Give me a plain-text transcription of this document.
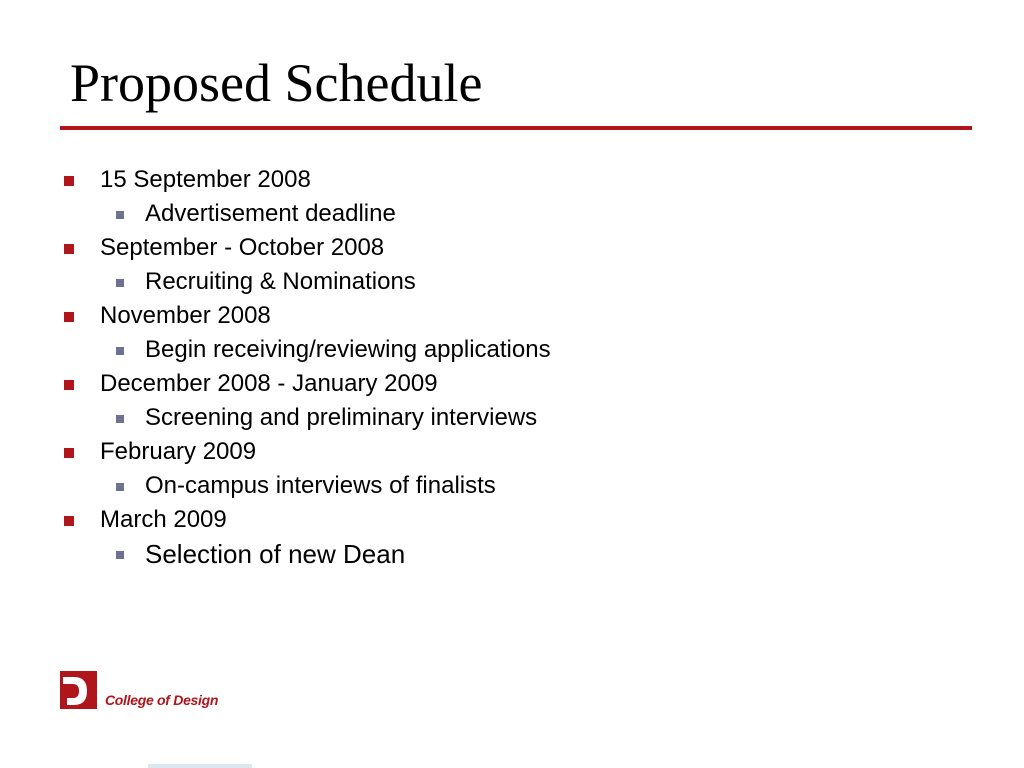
Proposed Schedule
15 September 2008
Advertisement deadline
September - October 2008
Recruiting & Nominations
November 2008
Begin receiving/reviewing applications
December 2008 - January 2009
Screening and preliminary interviews
February 2009
On-campus interviews of finalists
March 2009
Selection of new Dean
College of Design
